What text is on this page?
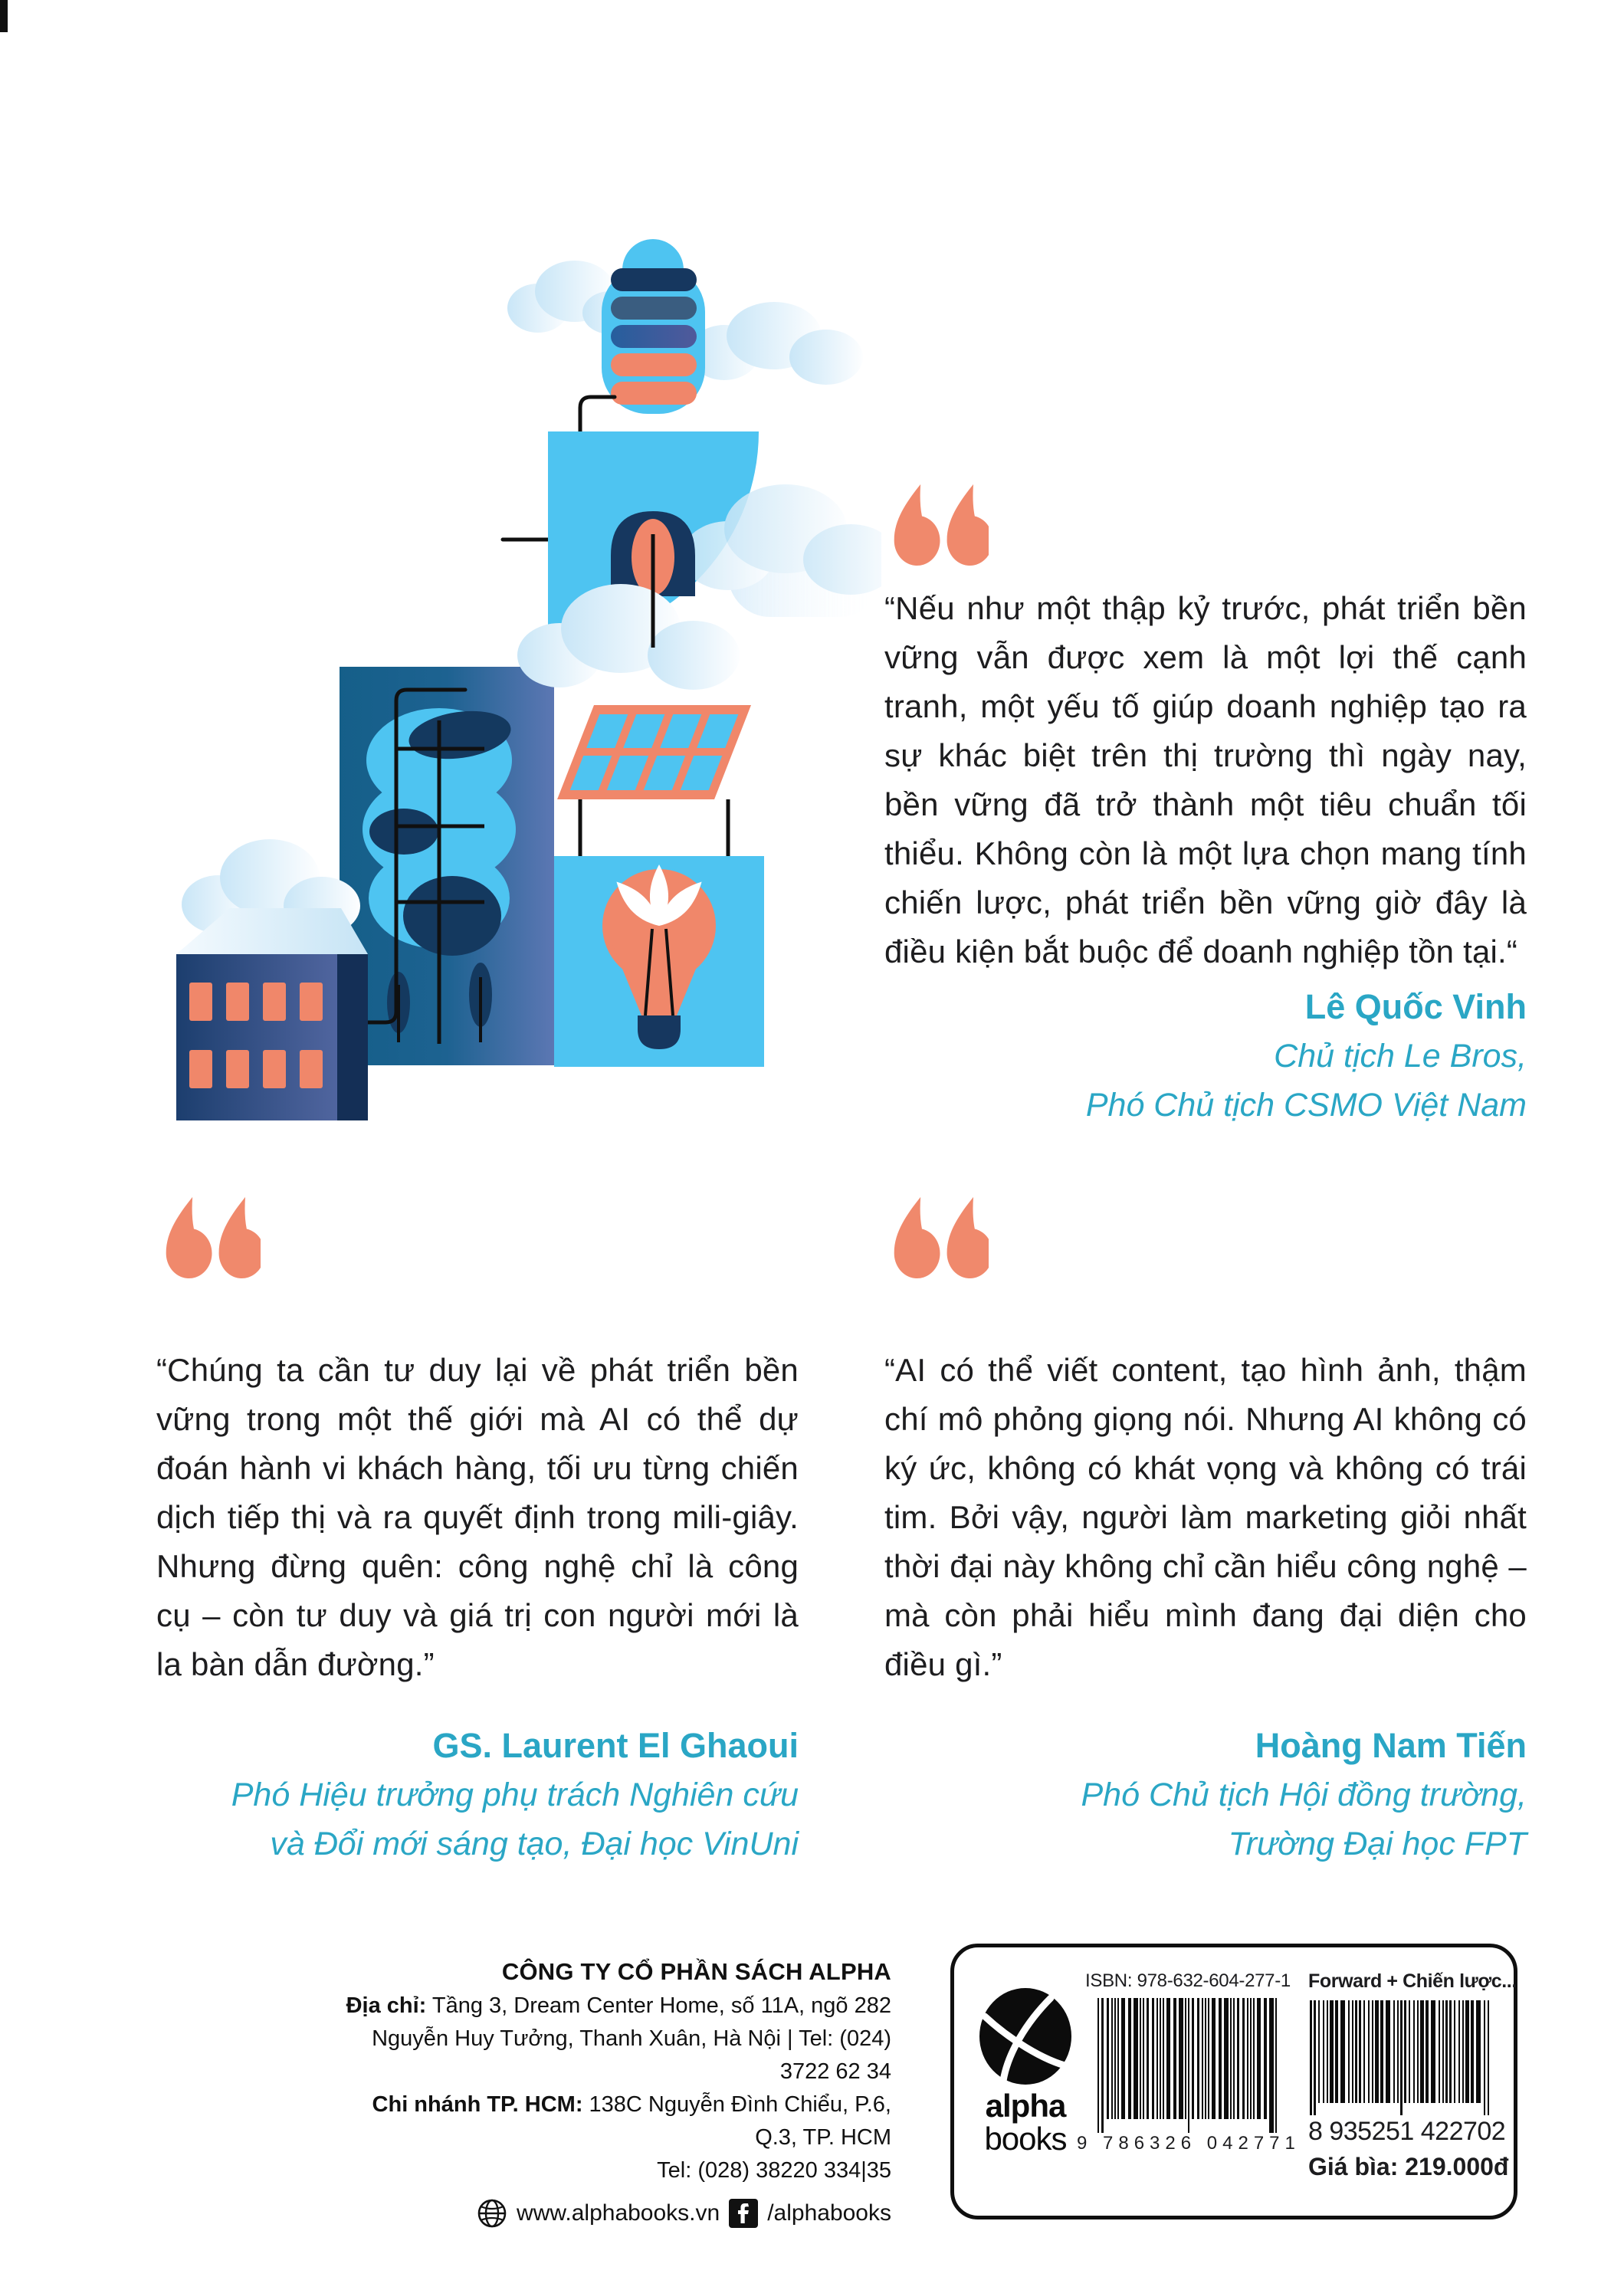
“Nếu như một thập kỷ trước, phát triển bền vững vẫn được xem là một lợi thế cạnh tranh, một yếu tố giúp doanh nghiệp tạo ra sự khác biệt trên thị trường thì ngày nay, bền vững đã trở thành một tiêu chuẩn tối thiểu. Không còn là một lựa chọn mang tính chiến lược, phát triển bền vững giờ đây là điều kiện bắt buộc để doanh nghiệp tồn tại.“

Lê Quốc Vinh
Chủ tịch Le Bros,
Phó Chủ tịch CSMO Việt Nam

“Chúng ta cần tư duy lại về phát triển bền vững trong một thế giới mà AI có thể dự đoán hành vi khách hàng, tối ưu từng chiến dịch tiếp thị và ra quyết định trong mili-giây. Nhưng đừng quên: công nghệ chỉ là công cụ – còn tư duy và giá trị con người mới là la bàn dẫn đường.”

GS. Laurent El Ghaoui
Phó Hiệu trưởng phụ trách Nghiên cứu
và Đổi mới sáng tạo, Đại học VinUni

“AI có thể viết content, tạo hình ảnh, thậm chí mô phỏng giọng nói. Nhưng AI không có ký ức, không có khát vọng và không có trái tim. Bởi vậy, người làm marketing giỏi nhất thời đại này không chỉ cần hiểu công nghệ – mà còn phải hiểu mình đang đại diện cho điều gì.”

Hoàng Nam Tiến
Phó Chủ tịch Hội đồng trường,
Trường Đại học FPT
CÔNG TY CỔ PHẦN SÁCH ALPHA
Địa chỉ: Tầng 3, Dream Center Home, số 11A, ngõ 282
Nguyễn Huy Tưởng, Thanh Xuân, Hà Nội | Tel: (024) 3722 62 34
Chi nhánh TP. HCM: 138C Nguyễn Đình Chiểu, P.6, Q.3, TP. HCM
Tel: (028) 38220 334|35
www.alphabooks.vn /alphabooks
alpha
books
ISBN: 978-632-604-277-1
9 786326 042771
Forward + Chiến lược...
8 935251 422702
Giá bìa: 219.000đ
